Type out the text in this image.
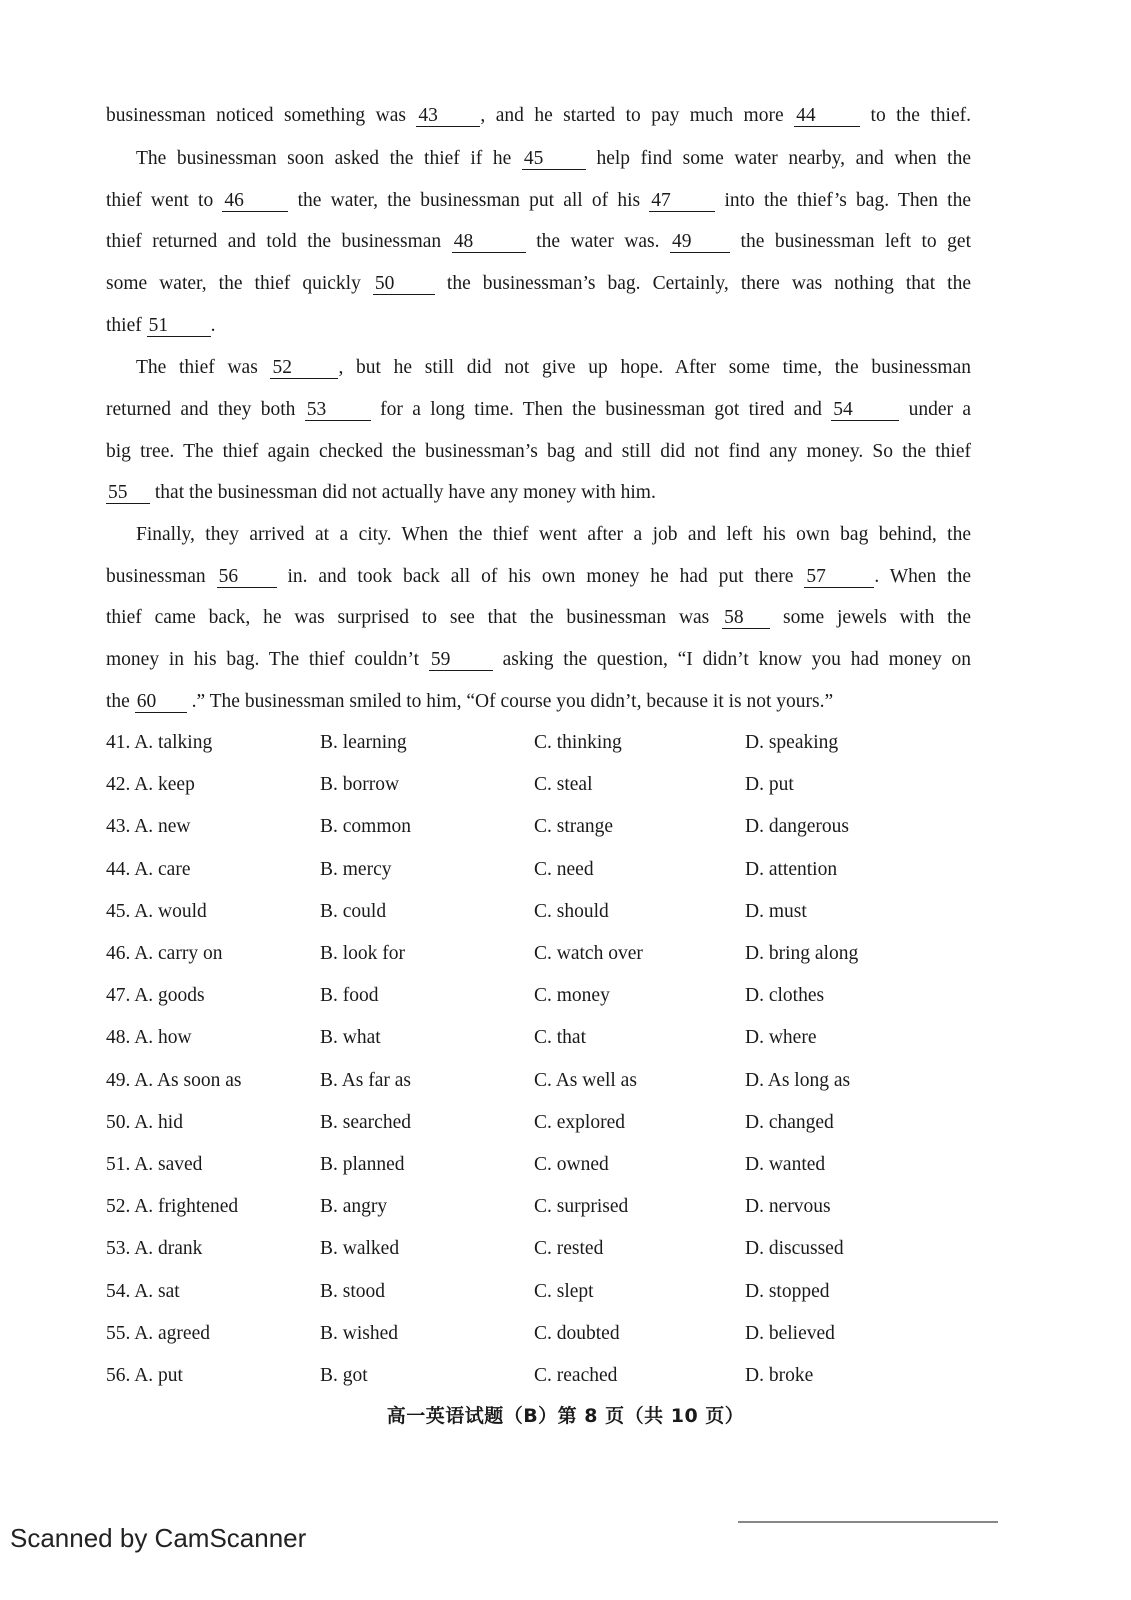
businessman noticed something was 43 , and he started to pay much more 44 to the thief.
The businessman soon asked the thief if he 45 help find some water nearby, and when the
thief went to 46 the water, the businessman put all of his 47 into the thief’s bag. Then the
thief returned and told the businessman 48	the water was. 49 the businessman left to get
some water, the thief quickly 50 the businessman’s bag. Certainly, there was nothing that the
thief 51 .
The thief was 52 , but he still did not give up hope. After some time, the businessman
returned and they both 53 for a long time. Then the businessman got tired and 54 under a
big tree. The thief again checked the businessman’s bag and still did not find any money. So the thief
55 that the businessman did not actually have any money with him.
Finally, they arrived at a city. When the thief went after a job and left his own bag behind, the
businessman 56 in. and took back all of his own money he had put there 57 . When the
thief came back, he was surprised to see that the businessman was 58 some jewels with the
money in his bag. The thief couldn’t 59 asking the question, “I didn’t know you had money on
the 60 .” The businessman smiled to him, “Of course you didn’t, because it is not yours.”
41. A. talking	B. learning	C. thinking	D. speaking
42. A. keep	B. borrow	C. steal	D. put
43. A. new	B. common	C. strange	D. dangerous
44. A. care	B. mercy	C. need	D. attention
45. A. would	B. could	C. should	D. must
46. A. carry on	B. look for	C. watch over	D. bring along
47. A. goods	B. food	C. money	D. clothes
48. A. how	B. what	C. that	D. where
49. A. As soon as	B. As far as	C. As well as	D. As long as
50. A. hid	B. searched	C. explored	D. changed
51. A. saved	B. planned	C. owned	D. wanted
52. A. frightened	B. angry	C. surprised	D. nervous
53. A. drank	B. walked	C. rested	D. discussed
54. A. sat	B. stood	C. slept	D. stopped
55. A. agreed	B. wished	C. doubted	D. believed
56. A. put	B. got	C. reached	D. broke
高一英语试题（B）第 8 页（共 10 页）
Scanned by CamScanner
